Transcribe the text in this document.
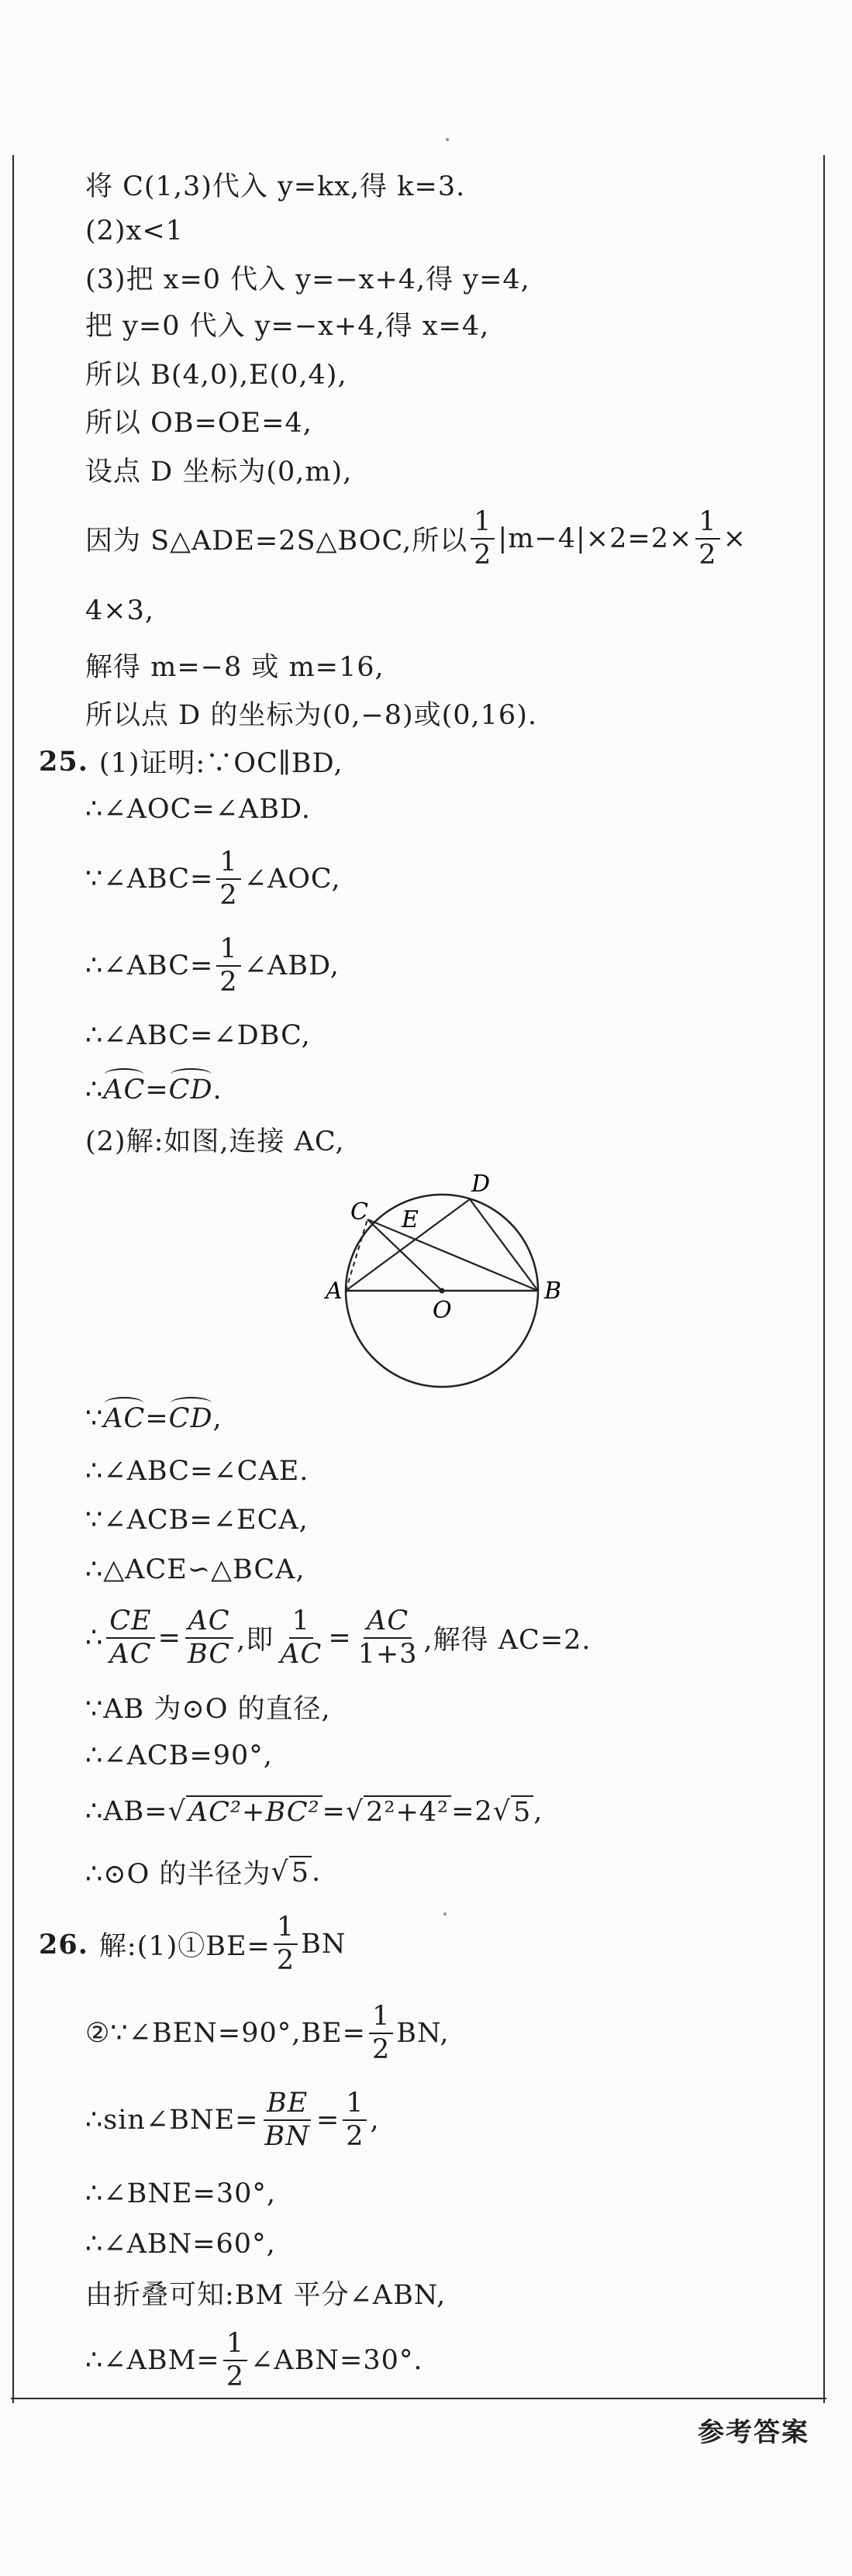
将 C(1,3)代入 y=kx,得 k=3.
(2)x<1
(3)把 x=0 代入 y=−x+4,得 y=4,
把 y=0 代入 y=−x+4,得 x=4,
所以 B(4,0),E(0,4),
所以 OB=OE=4,
设点 D 坐标为(0,m),
因为 S△ADE=2S△BOC,所以 $\frac{1}{2} |m-4|\times 2=2\times \frac{1}{2}$ ×
4×3,
解得 m=−8 或 m=16,
所以点 D 的坐标为(0,−8)或(0,16).
25. (1)证明:∵OC∥BD,
∴∠AOC=∠ABD.
∵∠ABC= $\frac{1}{2}$ ∠AOC,
∴∠ABC= $\frac{1}{2}$ ∠ABD,
∴∠ABC=∠DBC,
∴ AC = CD .
(2)解:如图,连接 AC,
A	B
C
D
E
O
∵ AC = CD ,
∴∠ABC=∠CAE.
∵∠ACB=∠ECA,
∴△ACE∽△BCA,
∴ $\frac{CE}{AC} = \frac{AC}{BC}$ ,即 $\frac{1}{AC} = \frac{AC}{1+3}$ ,解得 AC=2.
∵AB 为⊙O 的直径,
∴∠ACB=90°,
∴AB= √ AC²+BC² = √ 2²+4² =2 √ 5 ,
∴⊙O 的半径为 √ 5 .
26. 解:(1)①BE= $\frac{1}{2}$ BN
②∵∠BEN=90°,BE= $\frac{1}{2}$ BN,
∴sin∠BNE= $\frac{BE}{BN} = \frac{1}{2}$ ,
∴∠BNE=30°,
∴∠ABN=60°,
由折叠可知:BM 平分∠ABN,
∴∠ABM= $\frac{1}{2}$ ∠ABN=30°.
参考答案
